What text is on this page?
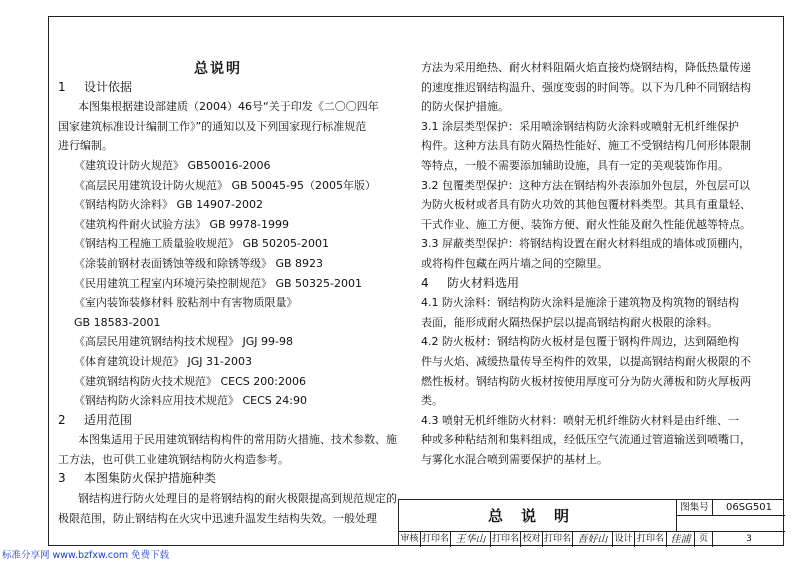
总说明
1 设计依据
本图集根据建设部建质（2004）46号“关于印发《二〇〇四年
国家建筑标准设计编制工作》”的通知以及下列国家现行标准规范
进行编制。
《建筑设计防火规范》 GB50016-2006
《高层民用建筑设计防火规范》 GB 50045-95（2005年版）
《钢结构防火涂料》 GB 14907-2002
《建筑构件耐火试验方法》 GB 9978-1999
《钢结构工程施工质量验收规范》 GB 50205-2001
《涂装前钢材表面锈蚀等级和除锈等级》 GB 8923
《民用建筑工程室内环境污染控制规范》 GB 50325-2001
《室内装饰装修材料 胶粘剂中有害物质限量》
GB 18583-2001
《高层民用建筑钢结构技术规程》 JGJ 99-98
《体育建筑设计规范》 JGJ 31-2003
《建筑钢结构防火技术规范》 CECS 200:2006
《钢结构防火涂料应用技术规范》 CECS 24:90
2 适用范围
本图集适用于民用建筑钢结构构件的常用防火措施、技术参数、施
工方法，也可供工业建筑钢结构防火构造参考。
3 本图集防火保护措施种类
钢结构进行防火处理目的是将钢结构的耐火极限提高到规范规定的
极限范围，防止钢结构在火灾中迅速升温发生结构失效。一般处理
方法为采用绝热、耐火材料阻隔火焰直接灼烧钢结构，降低热量传递
的速度推迟钢结构温升、强度变弱的时间等。以下为几种不同钢结构
的防火保护措施。
3.1 涂层类型保护：采用喷涂钢结构防火涂料或喷射无机纤维保护
构件。这种方法具有防火隔热性能好、施工不受钢结构几何形体限制
等特点，一般不需要添加辅助设施，具有一定的美观装饰作用。
3.2 包覆类型保护：这种方法在钢结构外表添加外包层，外包层可以
为防火板材或者具有防火功效的其他包覆材料类型。其具有重量轻、
干式作业、施工方便、装饰方便、耐火性能及耐久性能优越等特点。
3.3 屏蔽类型保护：将钢结构设置在耐火材料组成的墙体或顶棚内，
或将构件包藏在两片墙之间的空隙里。
4 防火材料选用
4.1 防火涂料：钢结构防火涂料是施涂于建筑物及构筑物的钢结构
表面，能形成耐火隔热保护层以提高钢结构耐火极限的涂料。
4.2 防火板材：钢结构防火板材是包覆于钢构件周边，达到隔绝构
件与火焰、减缓热量传导至构件的效果，以提高钢结构耐火极限的不
燃性板材。钢结构防火板材按使用厚度可分为防火薄板和防火厚板两
类。
4.3 喷射无机纤维防火材料：喷射无机纤维防火材料是由纤维、一
种或多种粘结剂和集料组成，经低压空气流通过管道输送到喷嘴口，
与雾化水混合喷到需要保护的基材上。
总说明	图集号	06SG501
审核 打印名 王华山 打印名 校对 打印名 吾好山 设计 打印名 佳浦 页	3
标准分享网 www.bzfxw.com 免费下载
